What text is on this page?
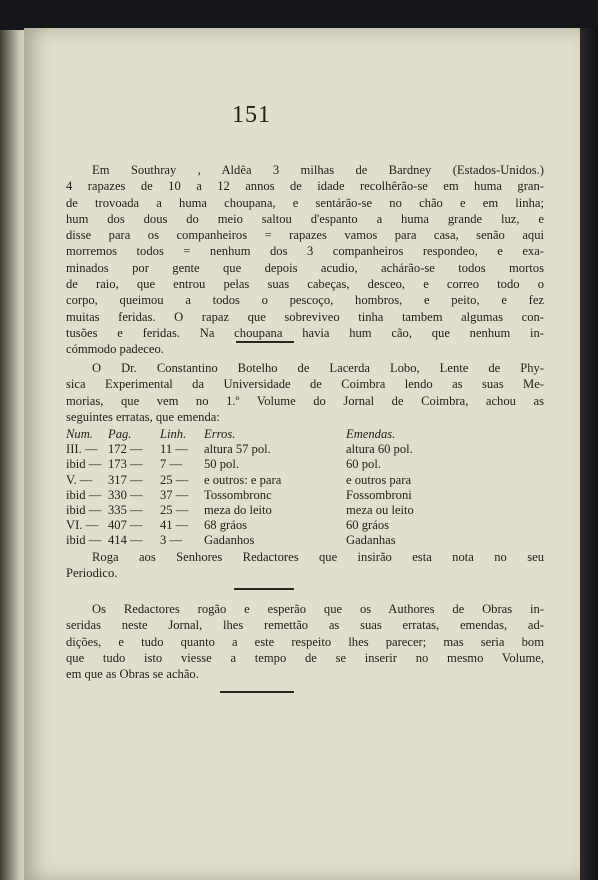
151

Em Southray , Aldêa 3 milhas de Bardney (Estados-Unidos.)

4 rapazes de 10 a 12 annos de idade recolhêrão-se em huma gran-

de trovoada a huma choupana, e sentárão-se no chão e em linha;

hum dos dous do meio saltou d'espanto a huma grande luz, e

disse para os companheiros = rapazes vamos para casa, senão aqui

morremos todos = nenhum dos 3 companheiros respondeo, e exa-

minados por gente que depois acudio, achárão-se todos mortos

de raio, que entrou pelas suas cabeças, desceo, e correo todo o

corpo, queimou a todos o pescoço, hombros, e peito, e fez

muitas feridas. O rapaz que sobreviveo tinha tambem algumas con-

tusões e feridas. Na choupana havia hum cão, que nenhum in-

cómmodo padeceo.

O Dr. Constantino Botelho de Lacerda Lobo, Lente de Phy-

sica Experimental da Universidade de Coimbra lendo as suas Me-

morias, que vem no 1.º Volume do Jornal de Coimbra, achou as

seguintes erratas, que emenda:

Num. Pag. Linh. Erros.	Emendas.
III. — 172 — 11 — altura 57 pol.	altura 60 pol.
ibid — 173 — 7 — 50 pol.	60 pol.
V. — 317 — 25 — e outros: e para	e outros para
ibid — 330 — 37 — Tossombronc	Fossombroni
ibid — 335 — 25 — meza do leito	meza ou leito
VI. — 407 — 41 — 68 gráos	60 gráos
ibid — 414 — 3 — Gadanhos	Gadanhas

Roga aos Senhores Redactores que insirão esta nota no seu

Periodico.

Os Redactores rogão e esperão que os Authores de Obras in-

seridas neste Jornal, lhes remettão as suas erratas, emendas, ad-

dições, e tudo quanto a este respeito lhes parecer; mas seria bom

que tudo isto viesse a tempo de se inserir no mesmo Volume,

em que as Obras se achão.
